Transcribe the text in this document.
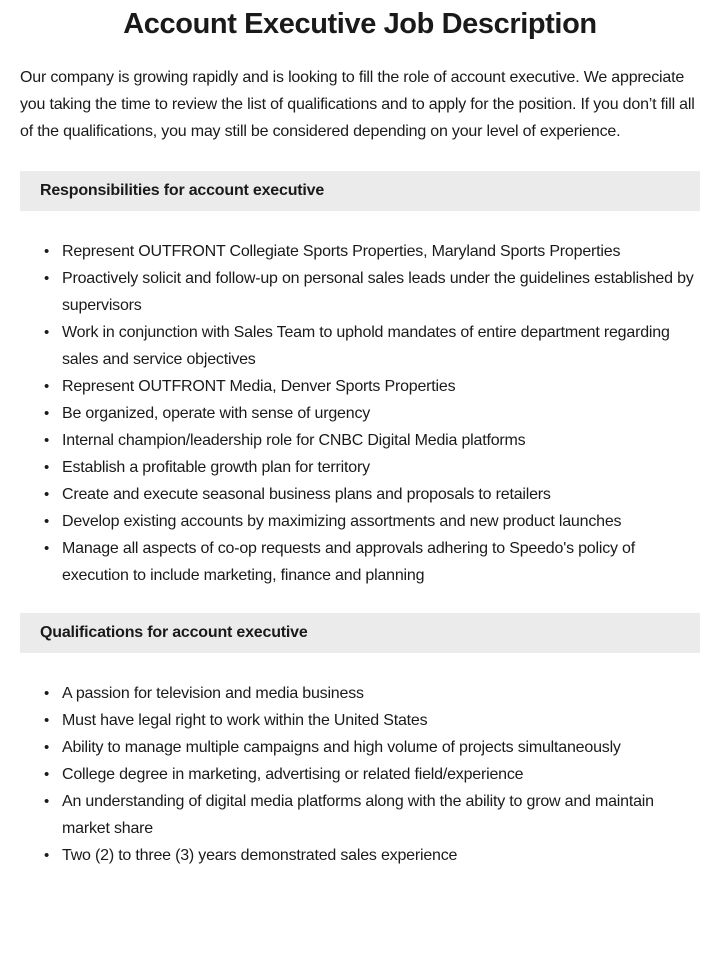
Account Executive Job Description

Our company is growing rapidly and is looking to fill the role of account executive. We appreciate you taking the time to review the list of qualifications and to apply for the position. If you don’t fill all of the qualifications, you may still be considered depending on your level of experience.

Responsibilities for account executive
• Represent OUTFRONT Collegiate Sports Properties, Maryland Sports Properties
• Proactively solicit and follow-up on personal sales leads under the guidelines established by supervisors
• Work in conjunction with Sales Team to uphold mandates of entire department regarding sales and service objectives
• Represent OUTFRONT Media, Denver Sports Properties
• Be organized, operate with sense of urgency
• Internal champion/leadership role for CNBC Digital Media platforms
• Establish a profitable growth plan for territory
• Create and execute seasonal business plans and proposals to retailers
• Develop existing accounts by maximizing assortments and new product launches
• Manage all aspects of co-op requests and approvals adhering to Speedo's policy of execution to include marketing, finance and planning
Qualifications for account executive
• A passion for television and media business
• Must have legal right to work within the United States
• Ability to manage multiple campaigns and high volume of projects simultaneously
• College degree in marketing, advertising or related field/experience
• An understanding of digital media platforms along with the ability to grow and maintain market share
• Two (2) to three (3) years demonstrated sales experience
